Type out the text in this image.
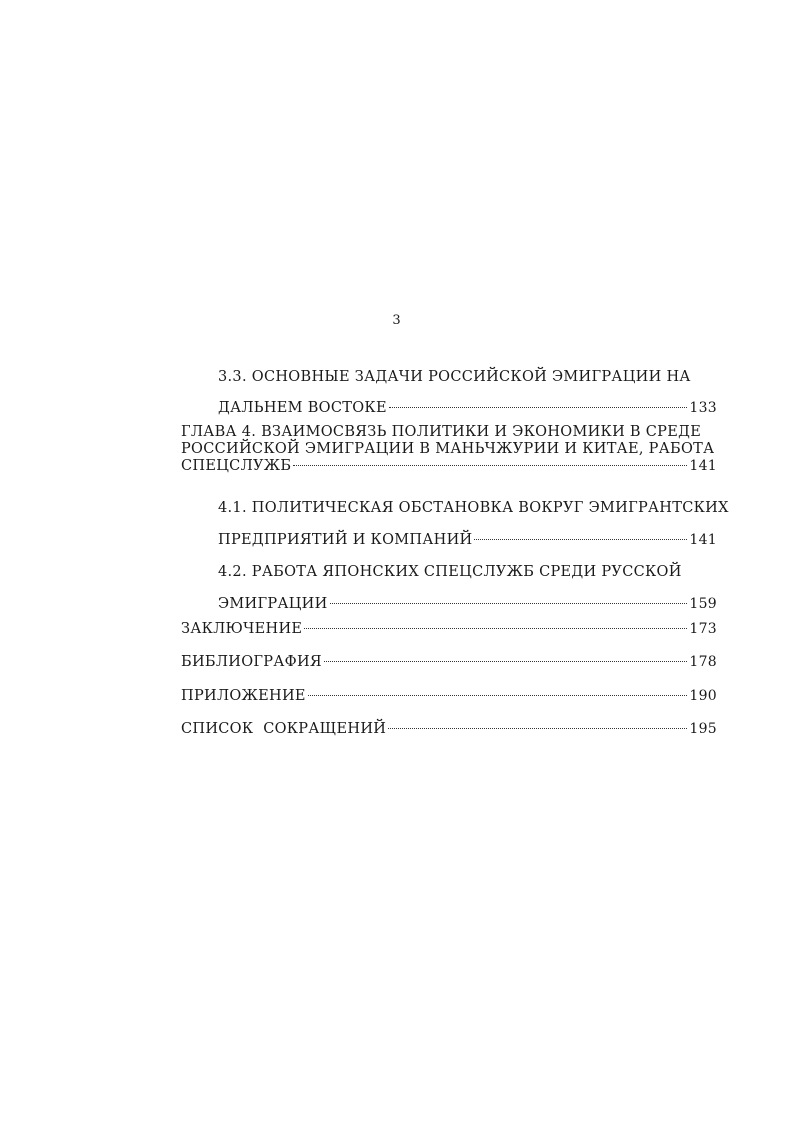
3
3.3. ОСНОВНЫЕ ЗАДАЧИ РОССИЙСКОЙ ЭМИГРАЦИИ НА
ДАЛЬНЕМ ВОСТОКЕ	133
ГЛАВА 4. ВЗАИМОСВЯЗЬ ПОЛИТИКИ И ЭКОНОМИКИ В СРЕДЕ
РОССИЙСКОЙ ЭМИГРАЦИИ В МАНЬЧЖУРИИ И КИТАЕ, РАБОТА
СПЕЦСЛУЖБ	141
4.1. ПОЛИТИЧЕСКАЯ ОБСТАНОВКА ВОКРУГ ЭМИГРАНТСКИХ
ПРЕДПРИЯТИЙ И КОМПАНИЙ	141
4.2. РАБОТА ЯПОНСКИХ СПЕЦСЛУЖБ СРЕДИ РУССКОЙ
ЭМИГРАЦИИ	159
ЗАКЛЮЧЕНИЕ	173
БИБЛИОГРАФИЯ	178
ПРИЛОЖЕНИЕ	190
СПИСОК  СОКРАЩЕНИЙ	195
